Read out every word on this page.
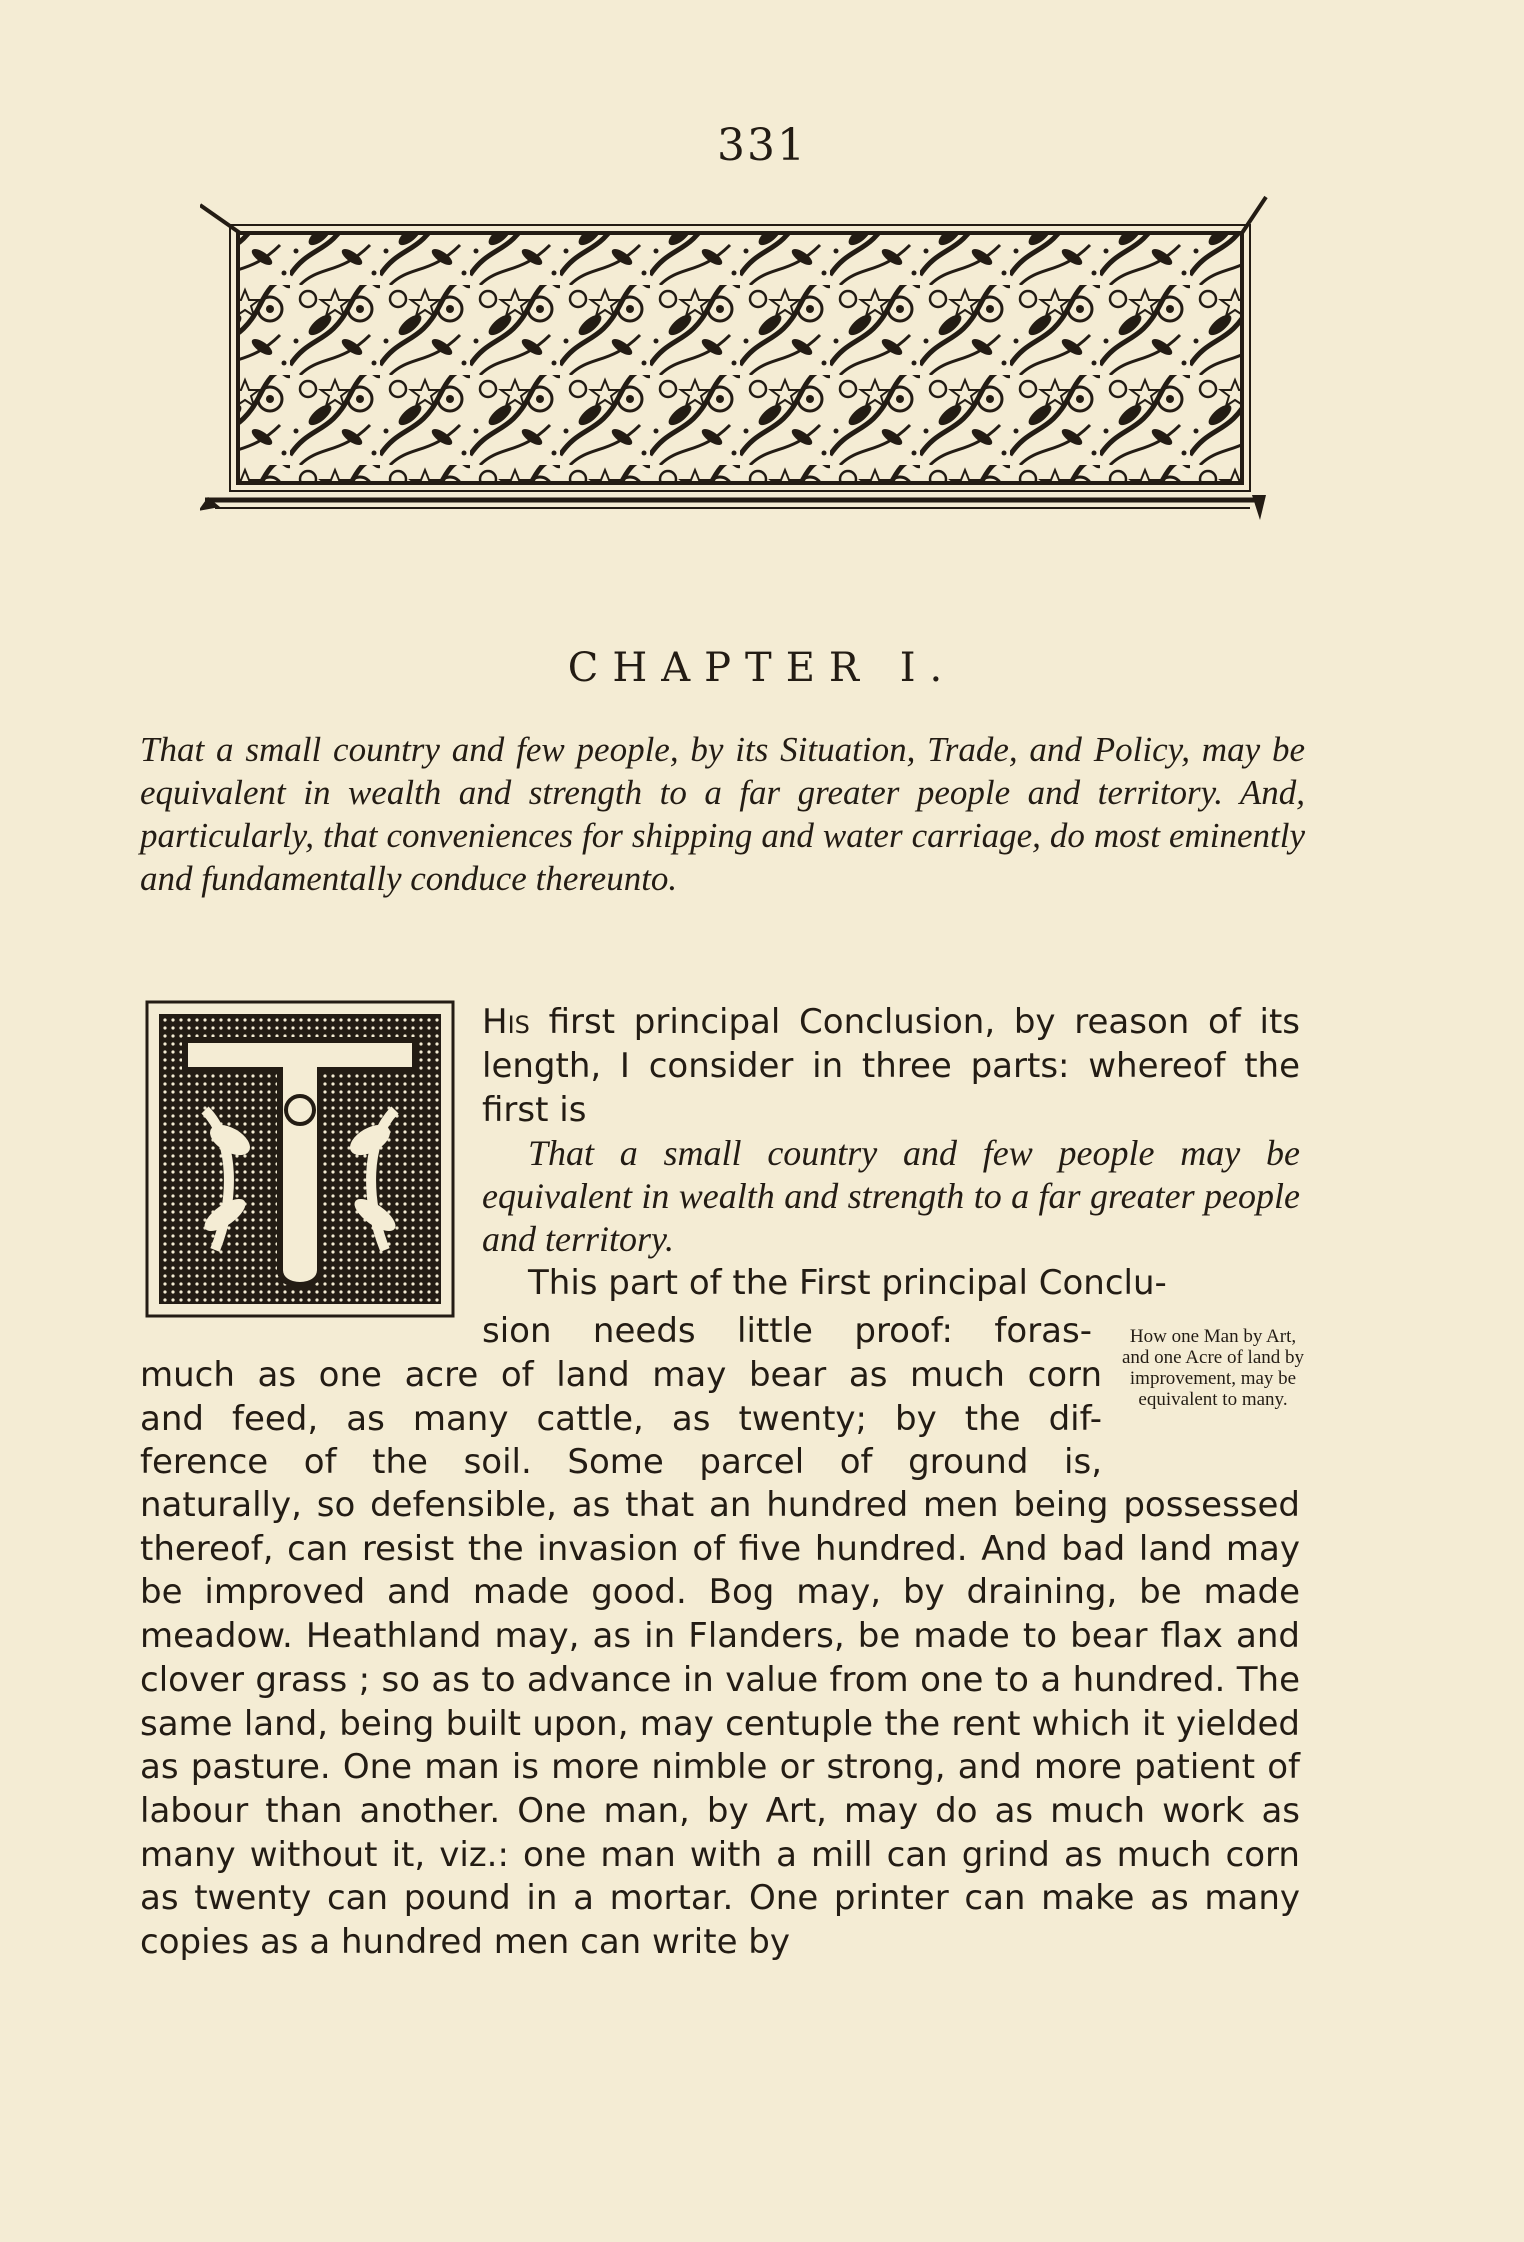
331
CHAPTER I.

That a small country and few people, by its Situation, Trade, and Policy, may be equivalent in wealth and strength to a far greater people and territory. And, particularly, that conveniences for shipping and water carriage, do most eminently and fundamentally conduce thereunto.

His first principal Conclusion, by reason of its length, I consider in three parts: whereof the first is

That a small country and few people may be equivalent in wealth and strength to a far greater people and territory.

This part of the First principal Conclu-

sion needs little proof: foras-
much as one acre of land may bear as much corn
and feed, as many cattle, as twenty; by the dif-
ference of the soil. Some parcel of ground is,
How one Man by Art, and one Acre of land by improvement, may be equivalent to many.

naturally, so defensible, as that an hundred men being possessed thereof, can resist the invasion of five hundred. And bad land may be improved and made good. Bog may, by draining, be made meadow. Heathland may, as in Flanders, be made to bear flax and clover grass ; so as to advance in value from one to a hundred. The same land, being built upon, may centuple the rent which it yielded as pasture. One man is more nimble or strong, and more patient of labour than another. One man, by Art, may do as much work as many without it, viz.: one man with a mill can grind as much corn as twenty can pound in a mortar. One printer can make as many copies as a hundred men can write by
